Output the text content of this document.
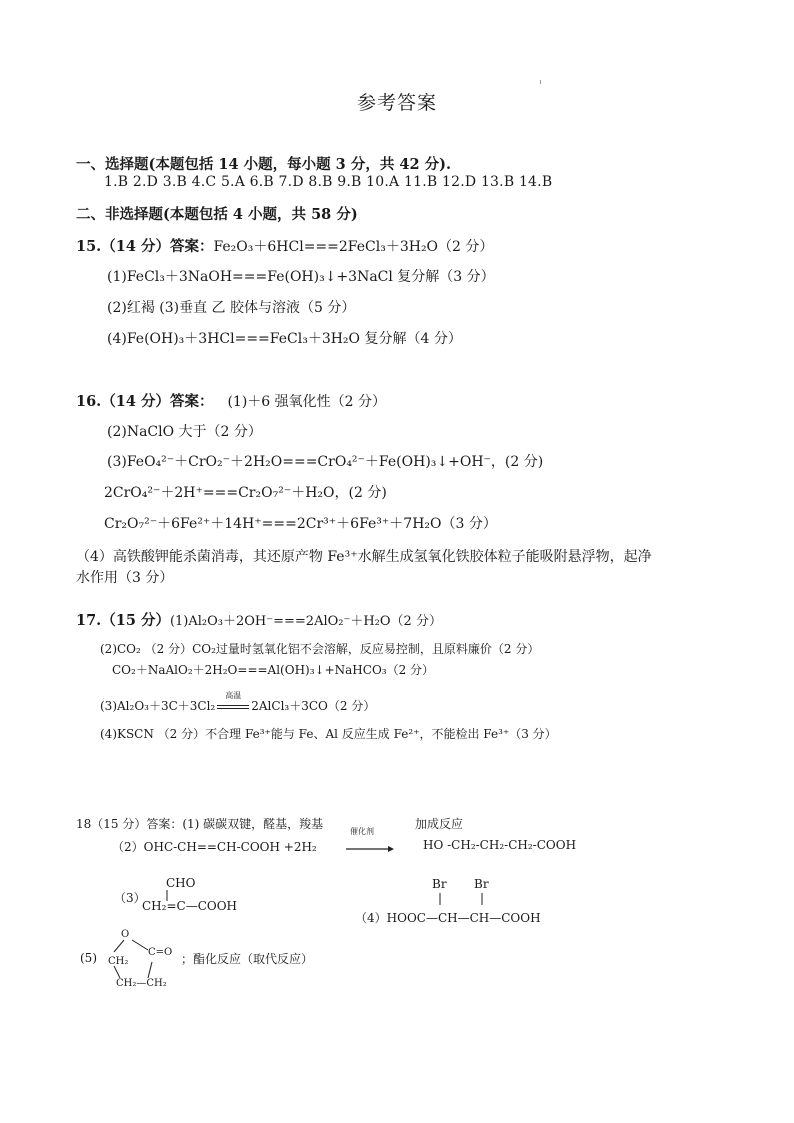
参考答案
一、选择题(本题包括 14 小题，每小题 3 分，共 42 分).
1.B 2.D 3.B 4.C 5.A 6.B 7.D 8.B 9.B 10.A 11.B 12.D 13.B 14.B
二、非选择题(本题包括 4 小题，共 58 分)
15.（14 分）答案：Fe₂O₃＋6HCl===2FeCl₃＋3H₂O（2 分）
(1)FeCl₃＋3NaOH===Fe(OH)₃↓+3NaCl 复分解（3 分）
(2)红褐 (3)垂直 乙 胶体与溶液（5 分）
(4)Fe(OH)₃＋3HCl===FeCl₃＋3H₂O 复分解（4 分）
16.（14 分）答案： (1)＋6 强氧化性（2 分）
(2)NaClO 大于（2 分）
(3)FeO₄²⁻＋CrO₂⁻＋2H₂O===CrO₄²⁻＋Fe(OH)₃↓+OH⁻，(2 分)
2CrO₄²⁻＋2H⁺===Cr₂O₇²⁻＋H₂O，(2 分)
Cr₂O₇²⁻＋6Fe²⁺＋14H⁺===2Cr³⁺＋6Fe³⁺＋7H₂O（3 分）
（4）高铁酸钾能杀菌消毒，其还原产物 Fe³⁺水解生成氢氧化铁胶体粒子能吸附悬浮物，起净
水作用（3 分）
17.（15 分）(1)Al₂O₃＋2OH⁻===2AlO₂⁻＋H₂O（2 分）
(2)CO₂ （2 分）CO₂过量时氢氧化铝不会溶解，反应易控制，且原料廉价（2 分）
CO₂＋NaAlO₂＋2H₂O===Al(OH)₃↓+NaHCO₃（2 分）
(3)Al₂O₃＋3C＋3Cl₂
高温
2AlCl₃＋3CO（2 分）
(4)KSCN （2 分）不合理 Fe³⁺能与 Fe、Al 反应生成 Fe²⁺，不能检出 Fe³⁺（3 分）
18（15 分）答案：(1) 碳碳双键，醛基，羧基	加成反应
（2）OHC-CH==CH-COOH +2H₂
催化剂
HO -CH₂-CH₂-CH₂-COOH
（3）
CHO
CH₂=C—COOH
Br Br
（4）HOOC—CH—CH—COOH
(5)
O
C=O
CH₂
CH₂—CH₂
；酯化反应（取代反应）
